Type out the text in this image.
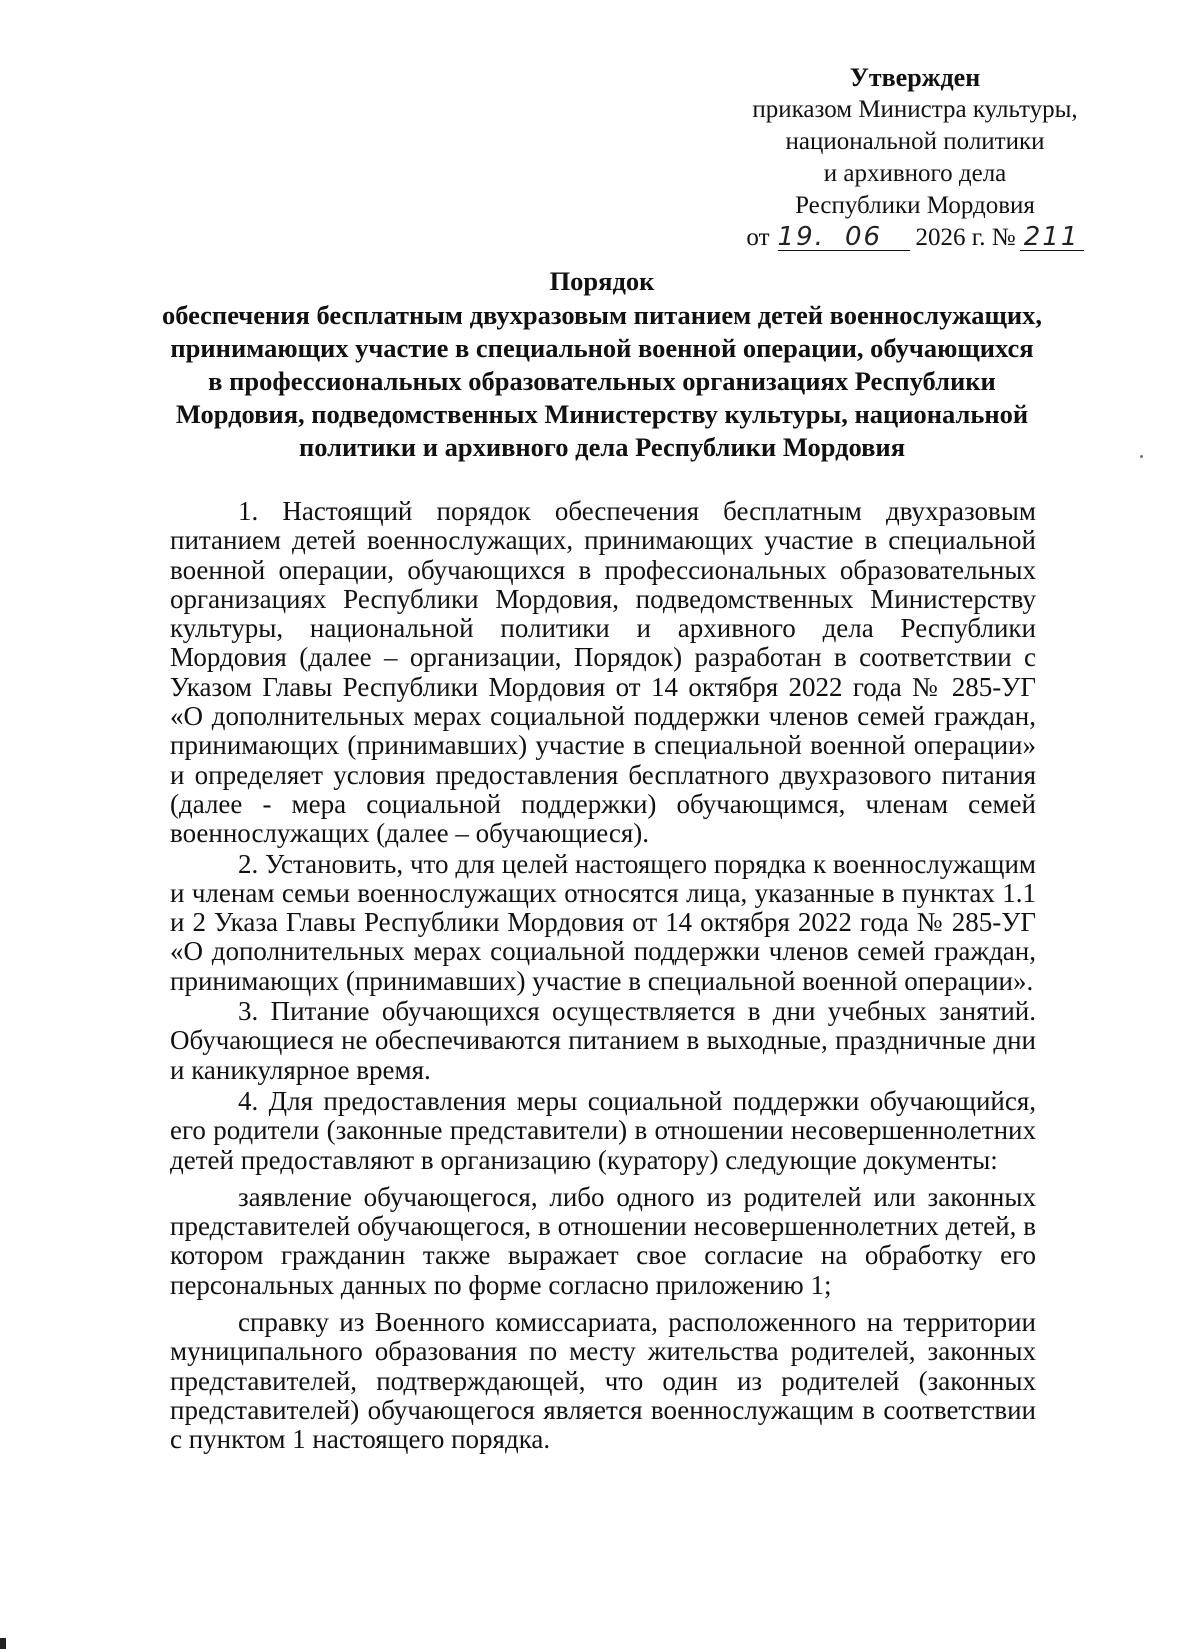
Утвержден
приказом Министра культуры,
национальной политики
и архивного дела
Республики Мордовия
от 19. 06 2026 г. № 211
Порядок
обеспечения бесплатным двухразовым питанием детей военнослужащих,
принимающих участие в специальной военной операции, обучающихся
в профессиональных образовательных организациях Республики
Мордовия, подведомственных Министерству культуры, национальной
политики и архивного дела Республики Мордовия

1. Настоящий порядок обеспечения бесплатным двухразовым питанием детей военнослужащих, принимающих участие в специальной военной операции, обучающихся в профессиональных образовательных организациях Республики Мордовия, подведомственных Министерству культуры, национальной политики и архивного дела Республики Мордовия (далее – организации, Порядок) разработан в соответствии с Указом Главы Республики Мордовия от 14 октября 2022 года № 285-УГ «О дополнительных мерах социальной поддержки членов семей граждан, принимающих (принимавших) участие в специальной военной операции» и определяет условия предоставления бесплатного двухразового питания (далее - мера социальной поддержки) обучающимся, членам семей военнослужащих (далее – обучающиеся).

2. Установить, что для целей настоящего порядка к военнослужащим и членам семьи военнослужащих относятся лица, указанные в пунктах 1.1 и 2 Указа Главы Республики Мордовия от 14 октября 2022 года № 285-УГ «О дополнительных мерах социальной поддержки членов семей граждан, принимающих (принимавших) участие в специальной военной операции».

3. Питание обучающихся осуществляется в дни учебных занятий. Обучающиеся не обеспечиваются питанием в выходные, праздничные дни и каникулярное время.

4. Для предоставления меры социальной поддержки обучающийся, его родители (законные представители) в отношении несовершеннолетних детей предоставляют в организацию (куратору) следующие документы:

заявление обучающегося, либо одного из родителей или законных представителей обучающегося, в отношении несовершеннолетних детей, в котором гражданин также выражает свое согласие на обработку его персональных данных по форме согласно приложению 1;

справку из Военного комиссариата, расположенного на территории муниципального образования по месту жительства родителей, законных представителей, подтверждающей, что один из родителей (законных представителей) обучающегося является военнослужащим в соответствии с пунктом 1 настоящего порядка.
